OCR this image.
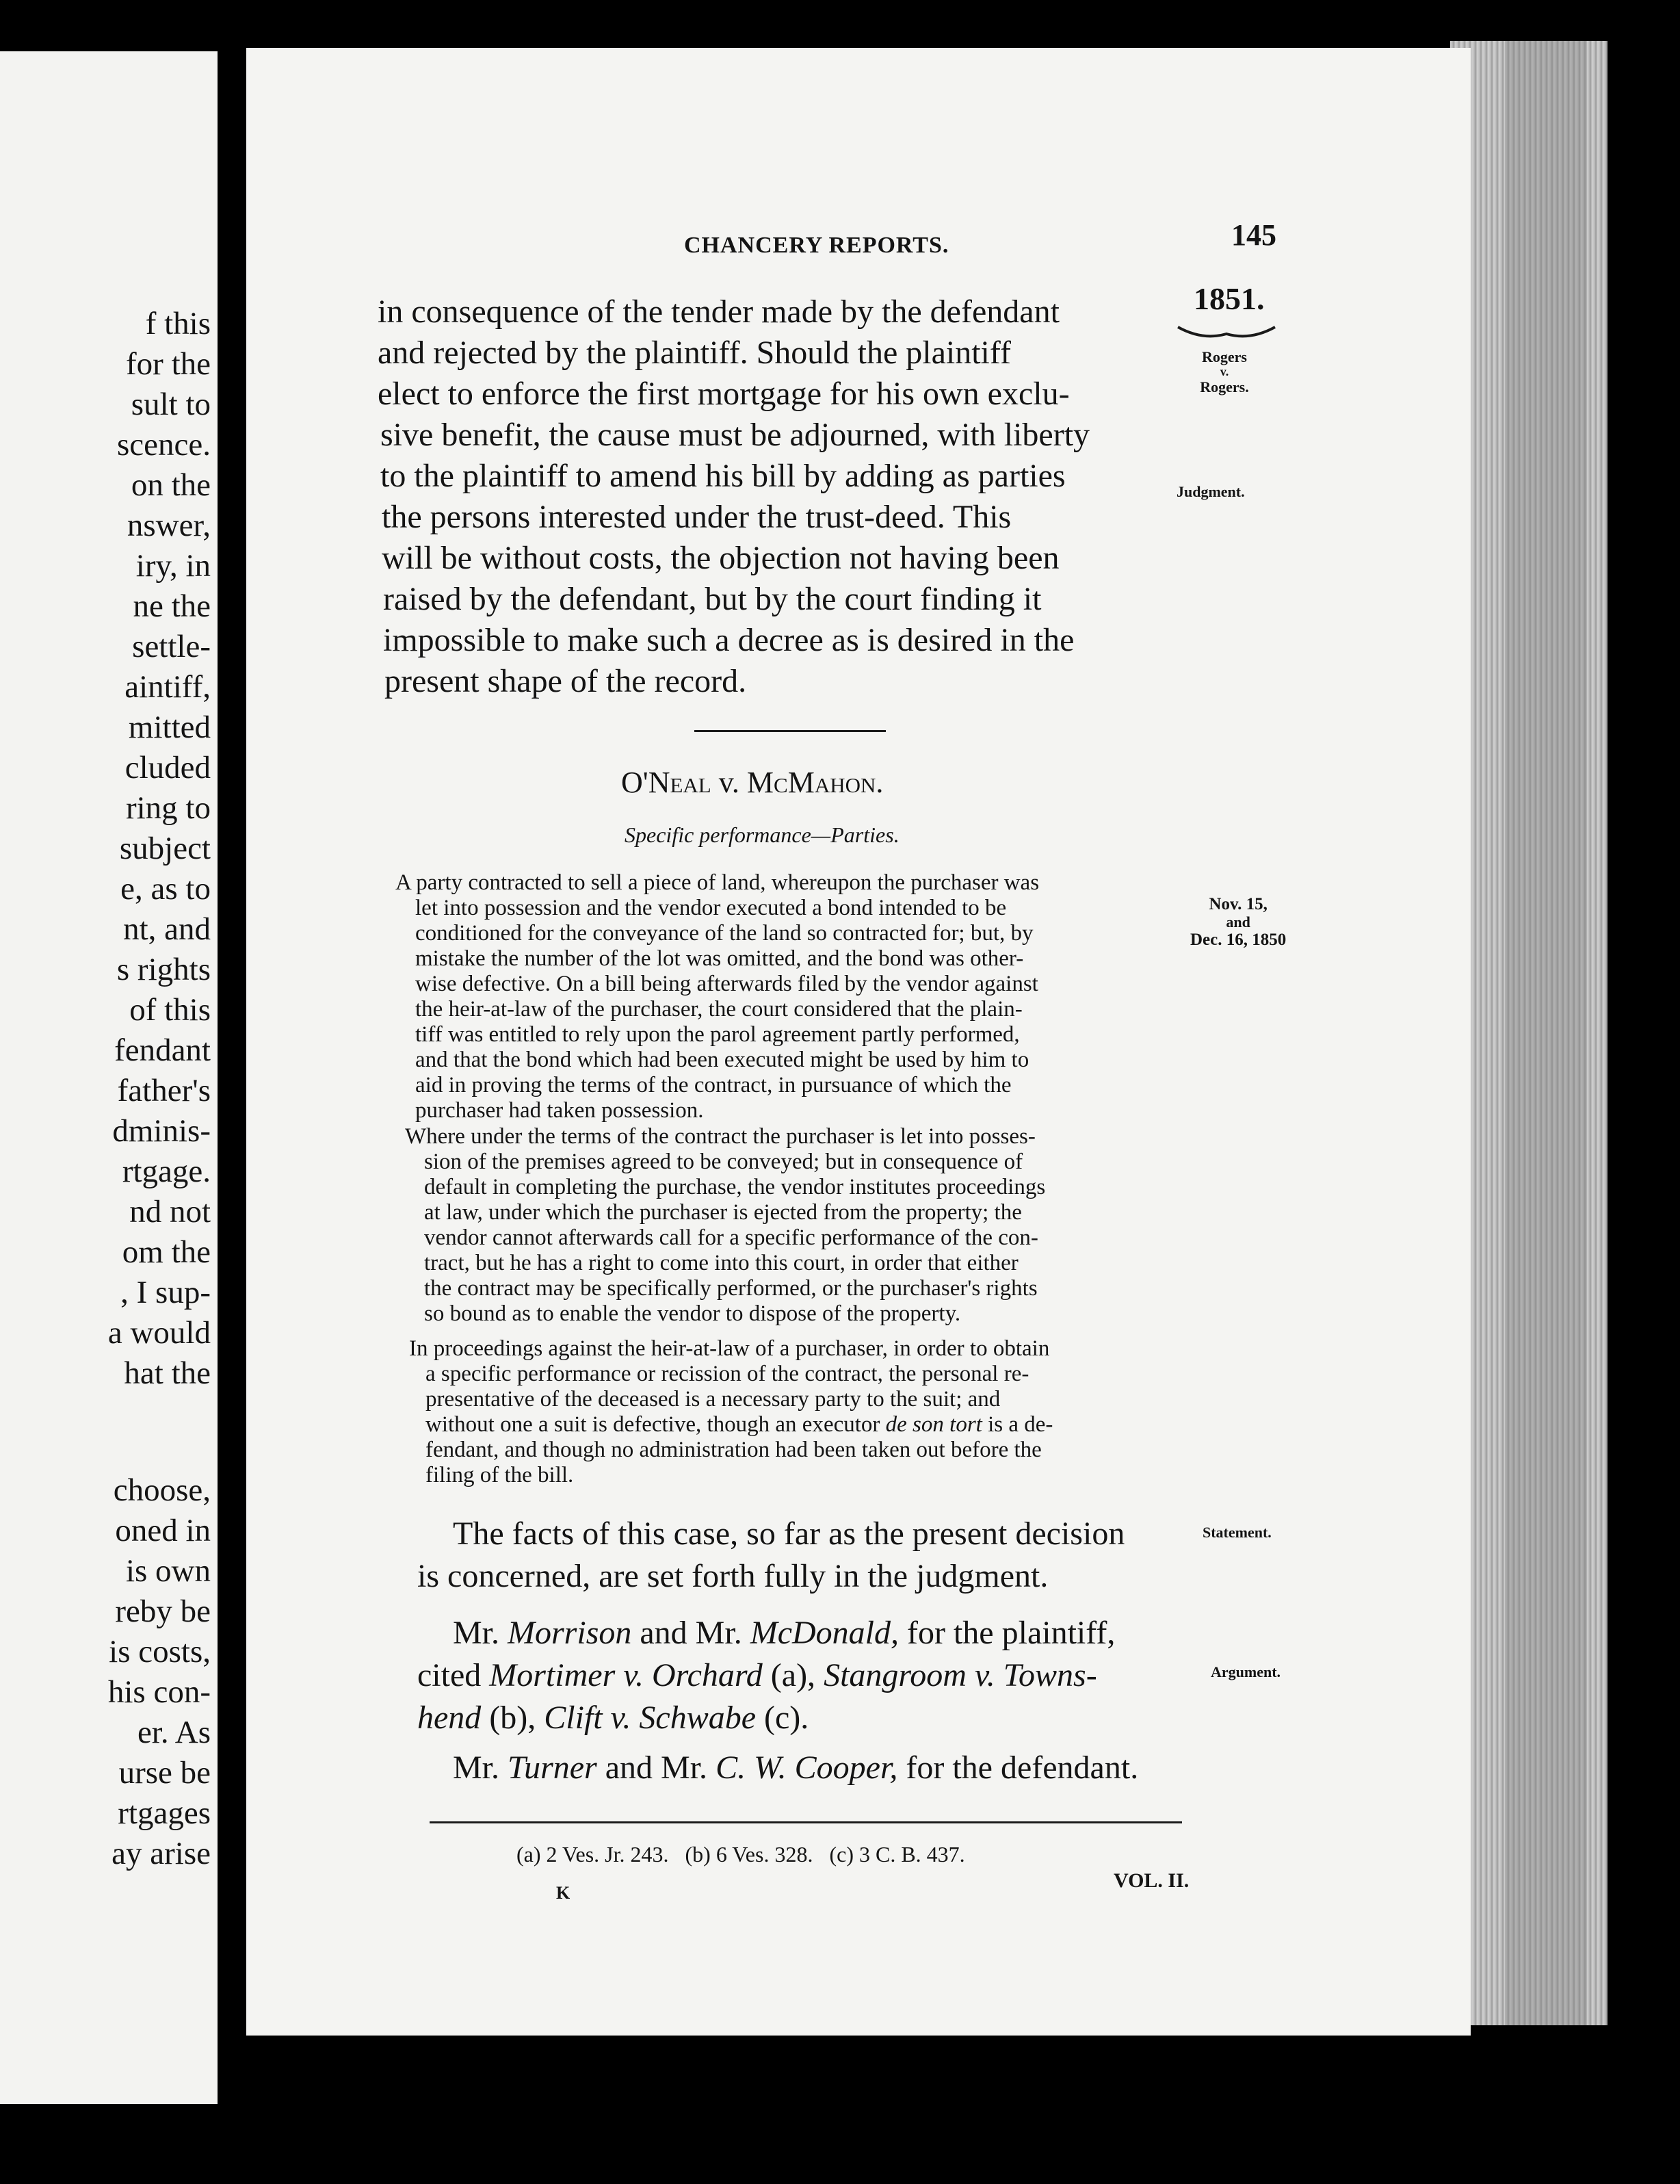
f this
for the
sult to
scence.
on the
nswer,
iry, in
ne the
settle-
aintiff,
mitted
cluded
ring to
subject
e, as to
nt, and
s rights
of this
fendant
father's
dminis-
rtgage.
nd not
om the
, I sup-
a would
hat the
choose,
oned in
is own
reby be
is costs,
his con-
er. As
urse be
rtgages
ay arise
CHANCERY REPORTS.	145
1851.
Rogers
v.
Rogers.
Judgment.
in consequence of the tender made by the defendant
and rejected by the plaintiff. Should the plaintiff
elect to enforce the first mortgage for his own exclu-
sive benefit, the cause must be adjourned, with liberty
to the plaintiff to amend his bill by adding as parties
the persons interested under the trust-deed. This
will be without costs, the objection not having been
raised by the defendant, but by the court finding it
impossible to make such a decree as is desired in the
present shape of the record.
O'Neal v. McMahon.
Specific performance—Parties.
Nov. 15,
and
Dec. 16, 1850
A party contracted to sell a piece of land, whereupon the purchaser was
let into possession and the vendor executed a bond intended to be
conditioned for the conveyance of the land so contracted for; but, by
mistake the number of the lot was omitted, and the bond was other-
wise defective. On a bill being afterwards filed by the vendor against
the heir-at-law of the purchaser, the court considered that the plain-
tiff was entitled to rely upon the parol agreement partly performed,
and that the bond which had been executed might be used by him to
aid in proving the terms of the contract, in pursuance of which the
purchaser had taken possession.
Where under the terms of the contract the purchaser is let into posses-
sion of the premises agreed to be conveyed; but in consequence of
default in completing the purchase, the vendor institutes proceedings
at law, under which the purchaser is ejected from the property; the
vendor cannot afterwards call for a specific performance of the con-
tract, but he has a right to come into this court, in order that either
the contract may be specifically performed, or the purchaser's rights
so bound as to enable the vendor to dispose of the property.
In proceedings against the heir-at-law of a purchaser, in order to obtain
a specific performance or recission of the contract, the personal re-
presentative of the deceased is a necessary party to the suit; and
without one a suit is defective, though an executor de son tort is a de-
fendant, and though no administration had been taken out before the
filing of the bill.
Statement.
The facts of this case, so far as the present decision
is concerned, are set forth fully in the judgment.
Argument.
Mr. Morrison and Mr. McDonald, for the plaintiff,
cited Mortimer v. Orchard (a), Stangroom v. Towns-
hend (b), Clift v. Schwabe (c).
Mr. Turner and Mr. C. W. Cooper, for the defendant.
(a) 2 Ves. Jr. 243.   (b) 6 Ves. 328.   (c) 3 C. B. 437.
K
VOL. II.
